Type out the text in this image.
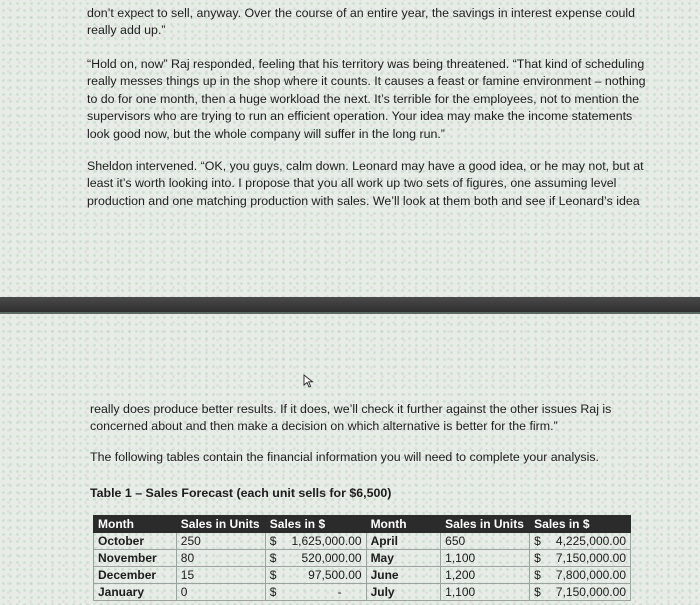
don’t expect to sell, anyway. Over the course of an entire year, the savings in interest expense could really add up.”

“Hold on, now” Raj responded, feeling that his territory was being threatened. “That kind of scheduling really messes things up in the shop where it counts. It causes a feast or famine environment – nothing to do for one month, then a huge workload the next. It’s terrible for the employees, not to mention the supervisors who are trying to run an efficient operation. Your idea may make the income statements look good now, but the whole company will suffer in the long run.”

Sheldon intervened. “OK, you guys, calm down. Leonard may have a good idea, or he may not, but at least it’s worth looking into. I propose that you all work up two sets of figures, one assuming level production and one matching production with sales. We’ll look at them both and see if Leonard’s idea

really does produce better results. If it does, we’ll check it further against the other issues Raj is concerned about and then make a decision on which alternative is better for the firm.”

The following tables contain the financial information you will need to complete your analysis.

Table 1 – Sales Forecast (each unit sells for $6,500)

Month	Sales in Units	Sales in $	Month	Sales in Units	Sales in $
October	250	$ 1,625,000.00	April	650	$ 4,225,000.00

November	80	$ 520,000.00	May	1,100	$ 7,150,000.00

December	15	$ 97,500.00	June	1,200	$ 7,800,000.00

January	0	$ -	July	1,100	$ 7,150,000.00
